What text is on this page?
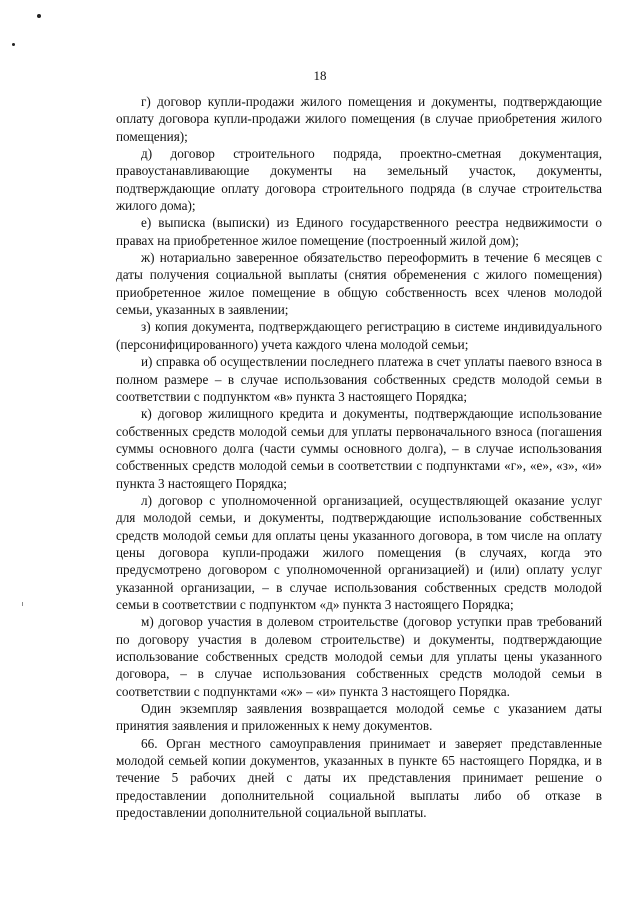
18

г) договор купли-продажи жилого помещения и документы, подтверждающие оплату договора купли-продажи жилого помещения (в случае приобретения жилого помещения);

д) договор строительного подряда, проектно-сметная документация, правоустанавливающие документы на земельный участок, документы, подтверждающие оплату договора строительного подряда (в случае строительства жилого дома);

е) выписка (выписки) из Единого государственного реестра недвижимости о правах на приобретенное жилое помещение (построенный жилой дом);

ж) нотариально заверенное обязательство переоформить в течение 6 месяцев с даты получения социальной выплаты (снятия обременения с жилого помещения) приобретенное жилое помещение в общую собственность всех членов молодой семьи, указанных в заявлении;

з) копия документа, подтверждающего регистрацию в системе индивидуального (персонифицированного) учета каждого члена молодой семьи;

и) справка об осуществлении последнего платежа в счет уплаты паевого взноса в полном размере – в случае использования собственных средств молодой семьи в соответствии с подпунктом «в» пункта 3 настоящего Порядка;

к) договор жилищного кредита и документы, подтверждающие использование собственных средств молодой семьи для уплаты первоначального взноса (погашения суммы основного долга (части суммы основного долга), – в случае использования собственных средств молодой семьи в соответствии с подпунктами «г», «е», «з», «и» пункта 3 настоящего Порядка;

л) договор с уполномоченной организацией, осуществляющей оказание услуг для молодой семьи, и документы, подтверждающие использование собственных средств молодой семьи для оплаты цены указанного договора, в том числе на оплату цены договора купли-продажи жилого помещения (в случаях, когда это предусмотрено договором с уполномоченной организацией) и (или) оплату услуг указанной организации, – в случае использования собственных средств молодой семьи в соответствии с подпунктом «д» пункта 3 настоящего Порядка;

м) договор участия в долевом строительстве (договор уступки прав требований по договору участия в долевом строительстве) и документы, подтверждающие использование собственных средств молодой семьи для уплаты цены указанного договора, – в случае использования собственных средств молодой семьи в соответствии с подпунктами «ж» – «и» пункта 3 настоящего Порядка.

Один экземпляр заявления возвращается молодой семье с указанием даты принятия заявления и приложенных к нему документов.

66. Орган местного самоуправления принимает и заверяет представленные молодой семьей копии документов, указанных в пункте 65 настоящего Порядка, и в течение 5 рабочих дней с даты их представления принимает решение о предоставлении дополнительной социальной выплаты либо об отказе в предоставлении дополнительной социальной выплаты.
